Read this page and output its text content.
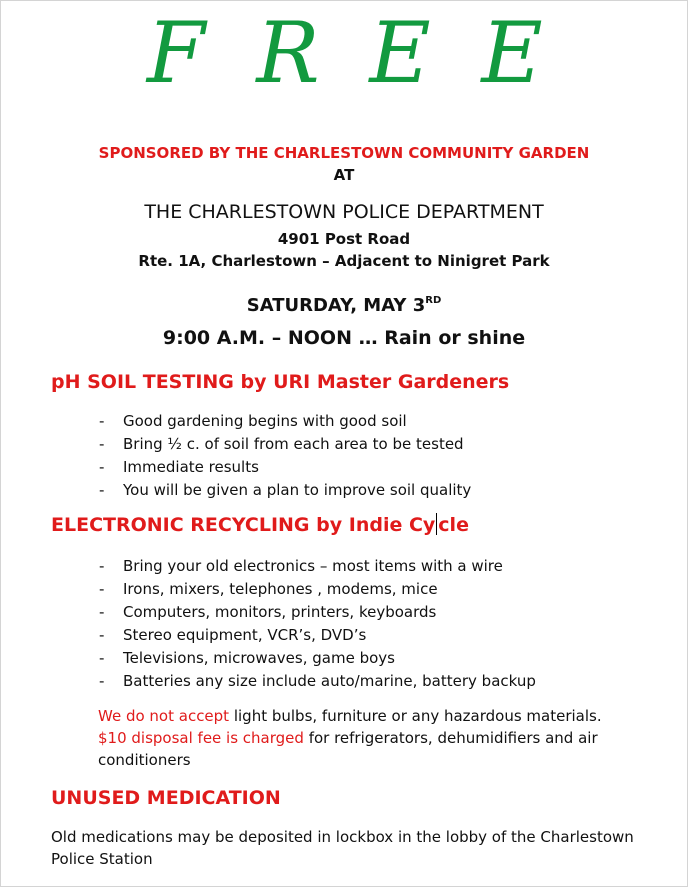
F R E E
SPONSORED BY THE CHARLESTOWN COMMUNITY GARDEN
AT
THE CHARLESTOWN POLICE DEPARTMENT
4901 Post Road
Rte. 1A, Charlestown – Adjacent to Ninigret Park
SATURDAY, MAY 3RD
9:00 A.M. – NOON … Rain or shine
pH SOIL TESTING by URI Master Gardeners
- Good gardening begins with good soil
- Bring ½ c. of soil from each area to be tested
- Immediate results
- You will be given a plan to improve soil quality
ELECTRONIC RECYCLING by Indie Cy cle
- Bring your old electronics – most items with a wire
- Irons, mixers, telephones , modems, mice
- Computers, monitors, printers, keyboards
- Stereo equipment, VCR’s, DVD’s
- Televisions, microwaves, game boys
- Batteries any size include auto/marine, battery backup
We do not accept light bulbs, furniture or any hazardous materials.
$10 disposal fee is charged for refrigerators, dehumidifiers and air conditioners
UNUSED MEDICATION
Old medications may be deposited in lockbox in the lobby of the Charlestown Police Station
